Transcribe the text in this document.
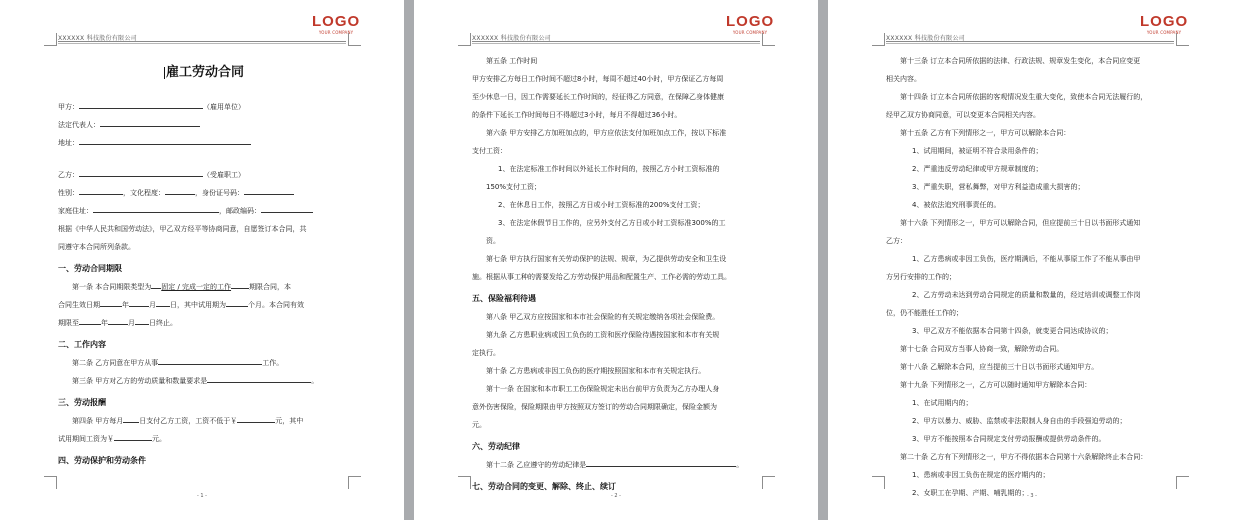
XXXXXX 科技股份有限公司
LOGO
YOUR COMPANY
雇工劳动合同
甲方：	（雇用单位）
法定代表人：
地址：
乙方：	（受雇职工）
性别：	，文化程度：	，身份证号码：
家庭住址：	，邮政编码：
根据《中华人民共和国劳动法》，甲乙双方经平等协商同意，自愿签订本合同，共
同遵守本合同所列条款。
一、劳动合同期限
第一条 本合同期限类型为 固定 / 完成一定的工作	期限合同，本
合同生效日期	年	月 日，其中试用期为	个月。本合同有效
期限至	年	月 日终止。
二、工作内容
第二条 乙方同意在甲方从事	工作。
第三条 甲方对乙方的劳动质量和数量要求是	。
三、劳动报酬
第四条 甲方每月 日支付乙方工资，工资不低于￥	元，其中
试用期间工资为￥	元。
四、劳动保护和劳动条件
- 1 -
XXXXXX 科技股份有限公司
LOGO
YOUR COMPANY
第五条 工作时间
甲方安排乙方每日工作时间不超过8小时，每周不超过40小时，甲方保证乙方每周
至少休息一日，因工作需要延长工作时间的，经征得乙方同意，在保障乙身体健康
的条件下延长工作时间每日不得超过3小时，每月不得超过36小时。
第六条 甲方安排乙方加班加点的，甲方应依法支付加班加点工作，按以下标准
支付工资：
1、在法定标准工作时间以外延长工作时间的，按照乙方小时工资标准的
150%支付工资；
2、在休息日工作，按照乙方日或小时工资标准的200%支付工资；
3、在法定休假节日工作的，应另外支付乙方日或小时工资标准300%的工
资。
第七条 甲方执行国家有关劳动保护的法规、规章，为乙提供劳动安全和卫生设
施。根据从事工种的需要发给乙方劳动保护用品和配置生产、工作必需的劳动工具。
五、保险福利待遇
第八条 甲乙双方应按国家和本市社会保险的有关规定缴纳各项社会保险费。
第九条 乙方患职业病或因工负伤的工资和医疗保险待遇按国家和本市有关规
定执行。
第十条 乙方患病或非因工负伤的医疗期按照国家和本市有关规定执行。
第十一条 在国家和本市职工工伤保险规定未出台前甲方负责为乙方办理人身
意外伤害保险，保险期限由甲方按照双方签订的劳动合同期限确定，保险金额为
元。
六、劳动纪律
第十二条 乙应遵守的劳动纪律是	。
七、劳动合同的变更、解除、终止、续订
- 2 -
XXXXXX 科技股份有限公司
LOGO
YOUR COMPANY
第十三条 订立本合同所依据的法律、行政法规、规章发生变化，本合同应变更
相关内容。
第十四条 订立本合同所依据的客观情况发生重大变化，致使本合同无法履行的，
经甲乙双方协商同意，可以变更本合同相关内容。
第十五条 乙方有下列情形之一，甲方可以解除本合同：
1、试用期间，被证明不符合录用条件的；
2、严重违反劳动纪律或甲方规章制度的；
3、严重失职，营私舞弊，对甲方利益造成重大损害的；
4、被依法追究刑事责任的。
第十六条 下列情形之一，甲方可以解除合同，但应提前三十日以书面形式通知
乙方：
1、乙方患病或非因工负伤，医疗期满后，不能从事原工作了不能从事由甲
方另行安排的工作的；
2、乙方劳动未达到劳动合同规定的质量和数量的，经过培训或调整工作岗
位，仍不能胜任工作的；
3、甲乙双方不能依据本合同第十四条，就变更合同达成协议的；
第十七条 合同双方当事人协商一致，解除劳动合同。
第十八条 乙解除本合同，应当提前三十日以书面形式通知甲方。
第十九条 下列情形之一，乙方可以随时通知甲方解除本合同：
1、在试用期内的；
2、甲方以暴力、威胁、监禁或非法限制人身自由的手段强迫劳动的；
3、甲方不能按照本合同规定支付劳动报酬或提供劳动条件的。
第二十条 乙方有下列情形之一，甲方不得依据本合同第十六条解除终止本合同：
1、患病或非因工负伤在规定的医疗期内的；
2、女职工在孕期、产期、哺乳期的；
- 3 -
